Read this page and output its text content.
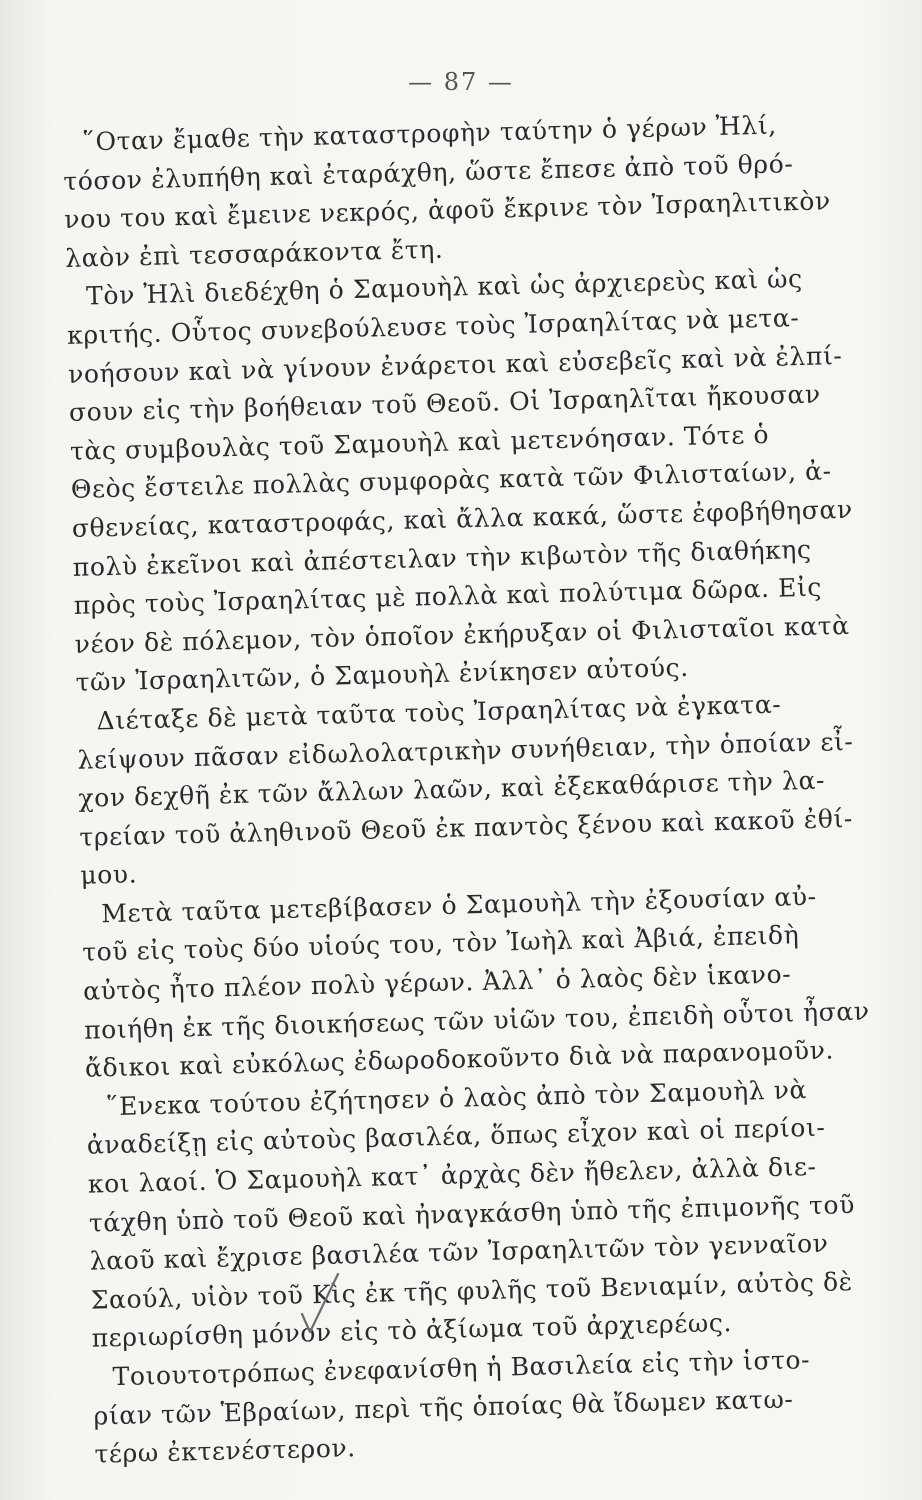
— 87 —
῞Οταν ἔμαθε τὴν καταστροφὴν ταύτην ὁ γέρων Ἠλί,
τόσον ἐλυπήθη καὶ ἐταράχθη, ὥστε ἔπεσε ἀπὸ τοῦ θρό-
νου του καὶ ἔμεινε νεκρός, ἀφοῦ ἔκρινε τὸν Ἰσραηλιτικὸν
λαὸν ἐπὶ τεσσαράκοντα ἔτη.
Τὸν Ἠλὶ διεδέχθη ὁ Σαμουὴλ καὶ ὡς ἀρχιερεὺς καὶ ὡς
κριτής. Οὗτος συνεβούλευσε τοὺς Ἰσραηλίτας νὰ μετα-
νοήσουν καὶ νὰ γίνουν ἐνάρετοι καὶ εὐσεβεῖς καὶ νὰ ἐλπί-
σουν εἰς τὴν βοήθειαν τοῦ Θεοῦ. Οἱ Ἰσραηλῖται ἤκουσαν
τὰς συμβουλὰς τοῦ Σαμουὴλ καὶ μετενόησαν. Τότε ὁ
Θεὸς ἔστειλε πολλὰς συμφορὰς κατὰ τῶν Φιλισταίων, ἀ-
σθενείας, καταστροφάς, καὶ ἄλλα κακά, ὥστε ἐφοβήθησαν
πολὺ ἐκεῖνοι καὶ ἀπέστειλαν τὴν κιβωτὸν τῆς διαθήκης
πρὸς τοὺς Ἰσραηλίτας μὲ πολλὰ καὶ πολύτιμα δῶρα. Εἰς
νέον δὲ πόλεμον, τὸν ὁποῖον ἐκήρυξαν οἱ Φιλισταῖοι κατὰ
τῶν Ἰσραηλιτῶν, ὁ Σαμουὴλ ἐνίκησεν αὐτούς.
Διέταξε δὲ μετὰ ταῦτα τοὺς Ἰσραηλίτας νὰ ἐγκατα-
λείψουν πᾶσαν εἰδωλολατρικὴν συνήθειαν, τὴν ὁποίαν εἶ-
χον δεχθῆ ἐκ τῶν ἄλλων λαῶν, καὶ ἐξεκαθάρισε τὴν λα-
τρείαν τοῦ ἀληθινοῦ Θεοῦ ἐκ παντὸς ξένου καὶ κακοῦ ἐθί-
μου.
Μετὰ ταῦτα μετεβίβασεν ὁ Σαμουὴλ τὴν ἐξουσίαν αὐ-
τοῦ εἰς τοὺς δύο υἱούς του, τὸν Ἰωὴλ καὶ Ἀβιά, ἐπειδὴ
αὐτὸς ἦτο πλέον πολὺ γέρων. Ἀλλ᾿ ὁ λαὸς δὲν ἱκανο-
ποιήθη ἐκ τῆς διοικήσεως τῶν υἱῶν του, ἐπειδὴ οὗτοι ἦσαν
ἄδικοι καὶ εὐκόλως ἐδωροδοκοῦντο διὰ νὰ παρανομοῦν.
῞Ενεκα τούτου ἐζήτησεν ὁ λαὸς ἀπὸ τὸν Σαμουὴλ νὰ
ἀναδείξῃ εἰς αὐτοὺς βασιλέα, ὅπως εἶχον καὶ οἱ περίοι-
κοι λαοί. Ὁ Σαμουὴλ κατ᾿ ἀρχὰς δὲν ἤθελεν, ἀλλὰ διε-
τάχθη ὑπὸ τοῦ Θεοῦ καὶ ἠναγκάσθη ὑπὸ τῆς ἐπιμονῆς τοῦ
λαοῦ καὶ ἔχρισε βασιλέα τῶν Ἰσραηλιτῶν τὸν γενναῖον
Σαούλ, υἱὸν τοῦ Κὶς ἐκ τῆς φυλῆς τοῦ Βενιαμίν, αὐτὸς δὲ
περιωρίσθη μόνον εἰς τὸ ἀξίωμα τοῦ ἀρχιερέως.
Τοιουτοτρόπως ἐνεφανίσθη ἡ Βασιλεία εἰς τὴν ἱστο-
ρίαν τῶν Ἑβραίων, περὶ τῆς ὁποίας θὰ ἴδωμεν κατω-
τέρω ἐκτενέστερον.
